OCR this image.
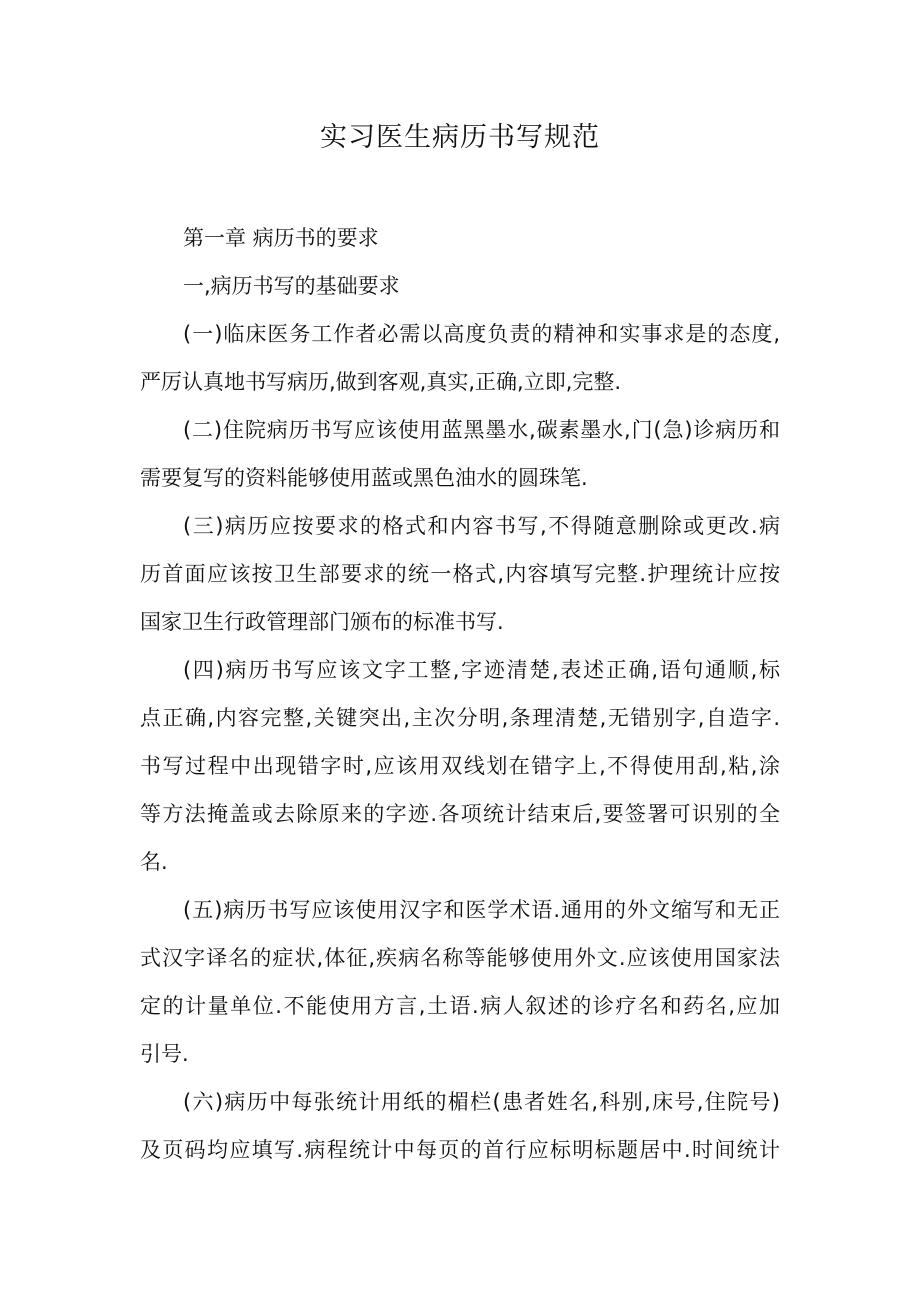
实习医生病历书写规范

第一章 病历书的要求

一,病历书写的基础要求

(一)临床医务工作者必需以高度负责的精神和实事求是的态度,
严厉认真地书写病历,做到客观,真实,正确,立即,完整.
(二)住院病历书写应该使用蓝黑墨水,碳素墨水,门(急)诊病历和
需要复写的资料能够使用蓝或黑色油水的圆珠笔.
(三)病历应按要求的格式和内容书写,不得随意删除或更改.病
历首面应该按卫生部要求的统一格式,内容填写完整.护理统计应按
国家卫生行政管理部门颁布的标准书写.
(四)病历书写应该文字工整,字迹清楚,表述正确,语句通顺,标
点正确,内容完整,关键突出,主次分明,条理清楚,无错别字,自造字.
书写过程中出现错字时,应该用双线划在错字上,不得使用刮,粘,涂
等方法掩盖或去除原来的字迹.各项统计结束后,要签署可识别的全
名.
(五)病历书写应该使用汉字和医学术语.通用的外文缩写和无正
式汉字译名的症状,体征,疾病名称等能够使用外文.应该使用国家法
定的计量单位.不能使用方言,土语.病人叙述的诊疗名和药名,应加
引号.
(六)病历中每张统计用纸的楣栏(患者姓名,科别,床号,住院号)
及页码均应填写.病程统计中每页的首行应标明标题居中.时间统计
